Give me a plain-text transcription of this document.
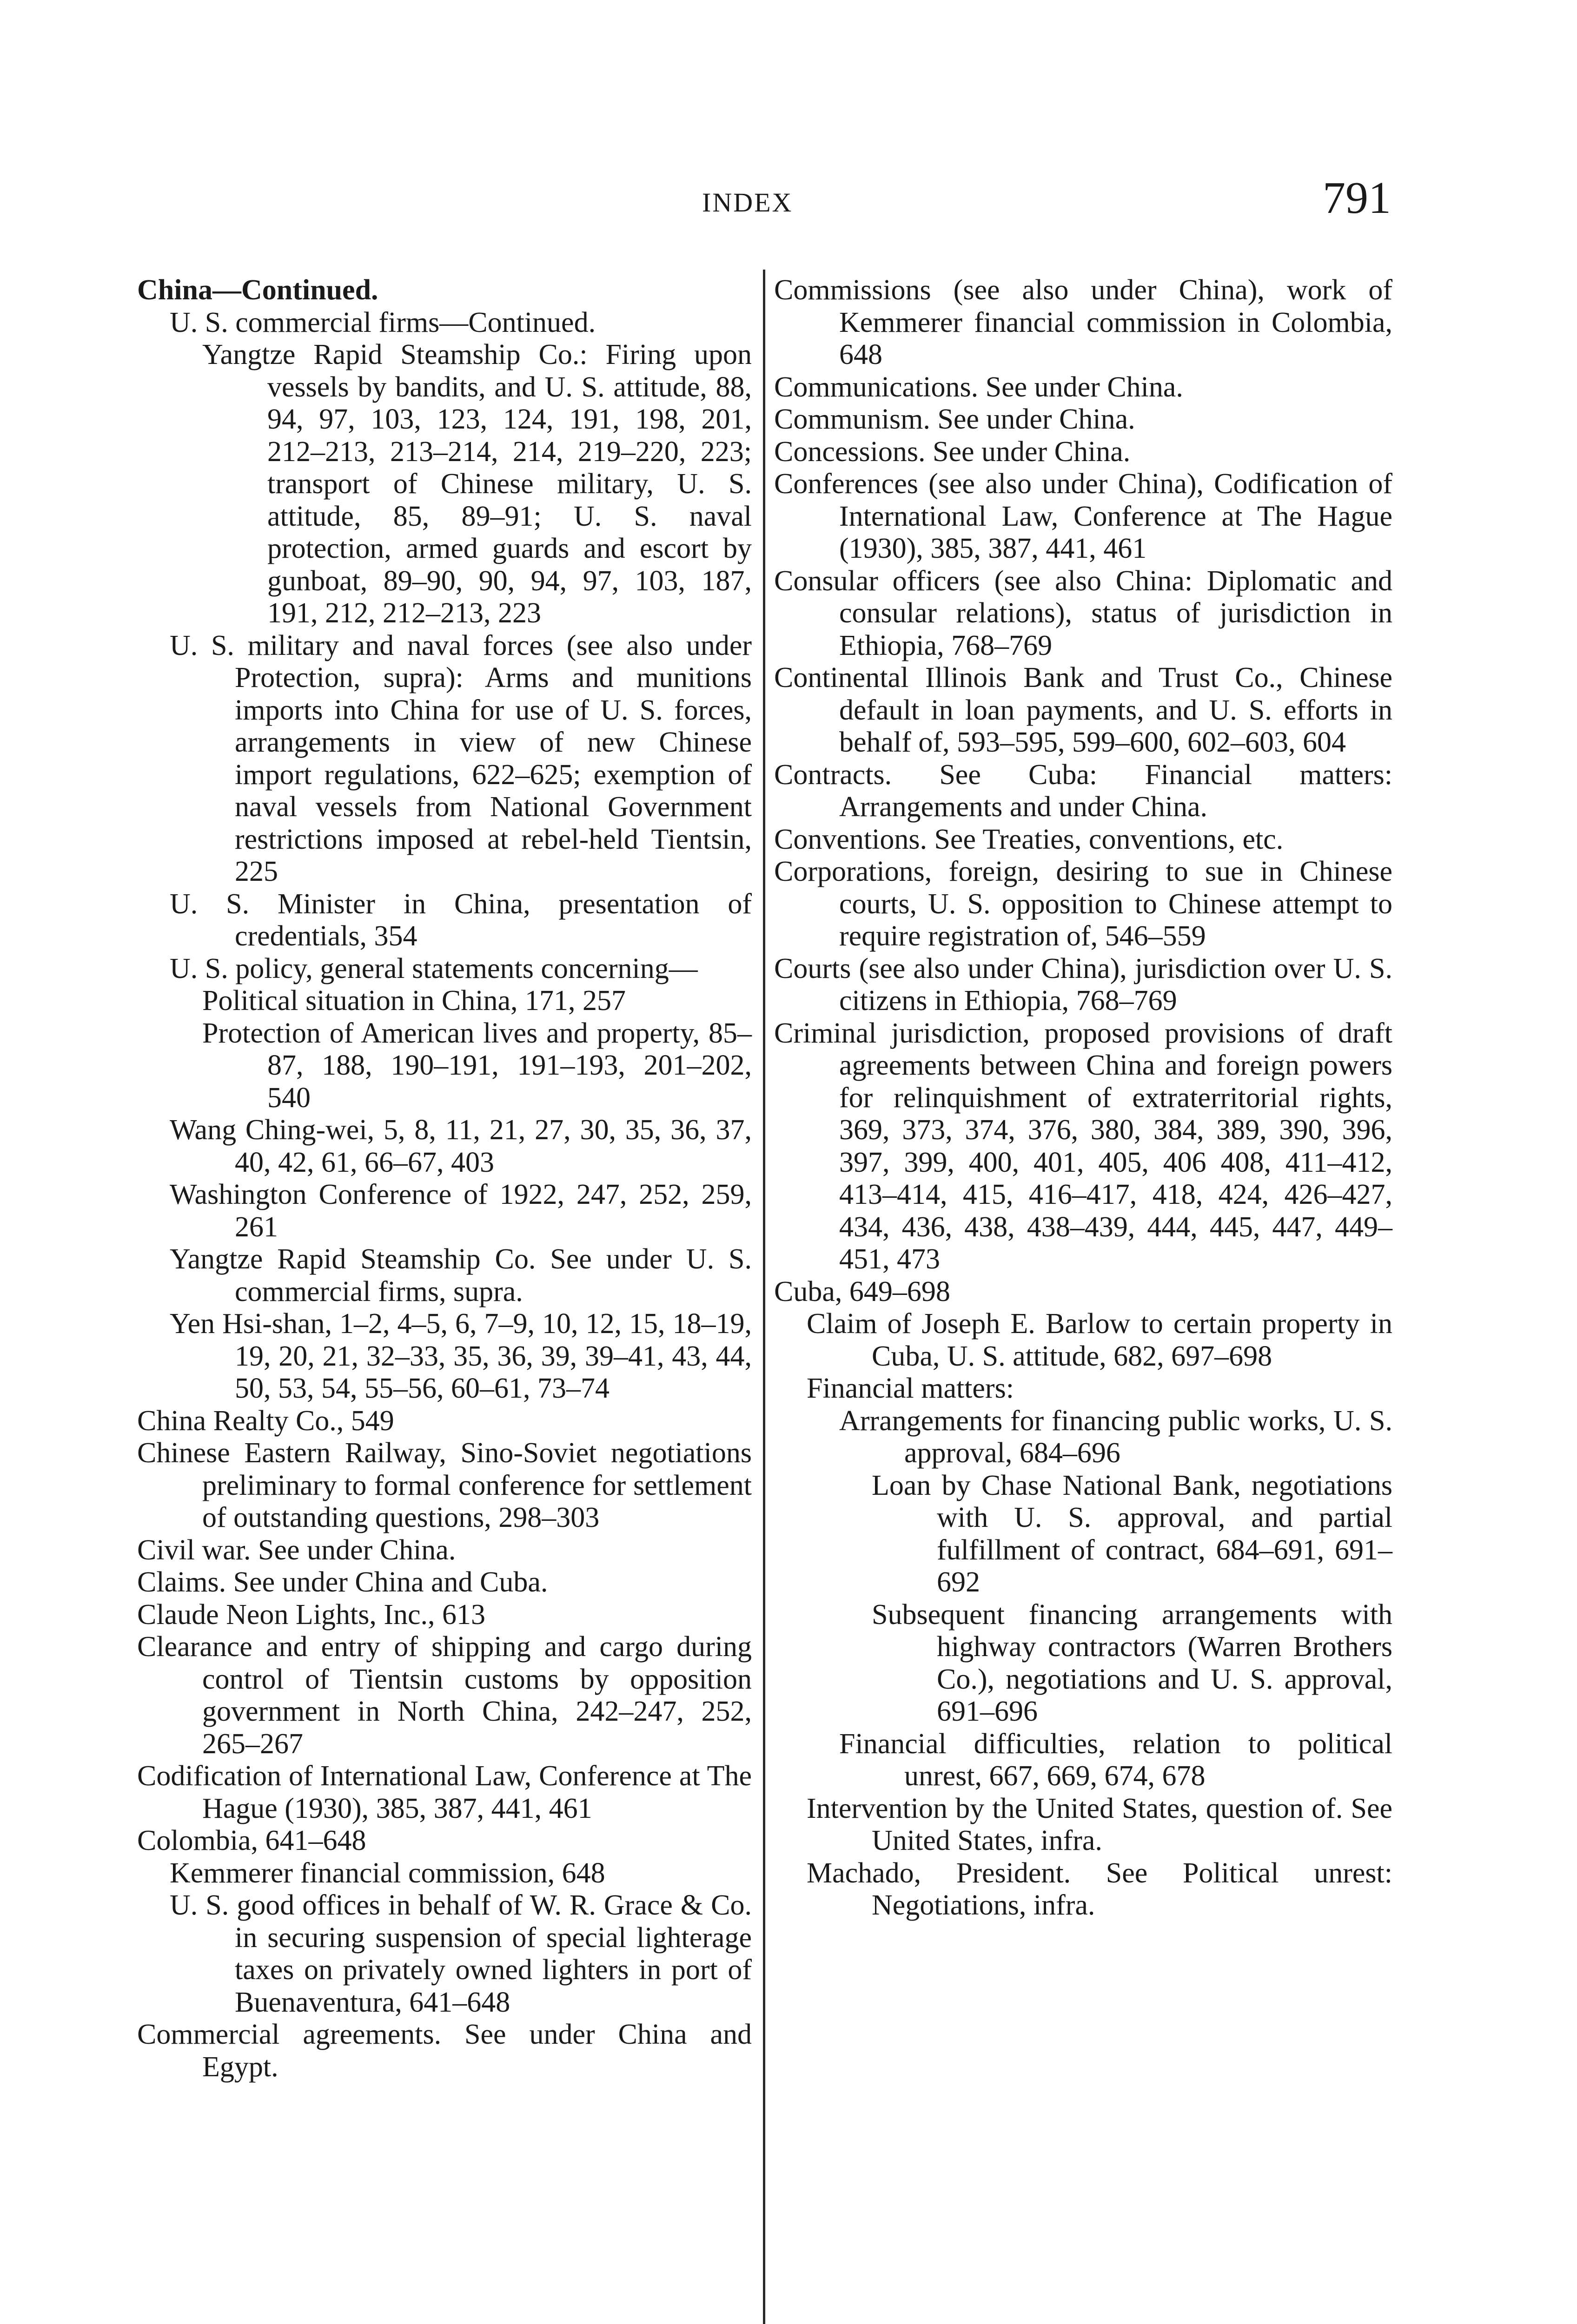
INDEX	791

China—Continued.

U. S. commercial firms—Continued.

Yangtze Rapid Steamship Co.: Firing upon vessels by bandits, and U. S. attitude, 88, 94, 97, 103, 123, 124, 191, 198, 201, 212–213, 213–214, 214, 219–220, 223; transport of Chinese military, U. S. attitude, 85, 89–91; U. S. naval protection, armed guards and escort by gunboat, 89–90, 90, 94, 97, 103, 187, 191, 212, 212–213, 223

U. S. military and naval forces (see also under Protection, supra): Arms and munitions imports into China for use of U. S. forces, arrangements in view of new Chinese import regulations, 622–625; exemption of naval vessels from National Government restrictions imposed at rebel-held Tientsin, 225

U. S. Minister in China, presentation of credentials, 354

U. S. policy, general statements concerning—

Political situation in China, 171, 257

Protection of American lives and property, 85–87, 188, 190–191, 191–193, 201–202, 540

Wang Ching-wei, 5, 8, 11, 21, 27, 30, 35, 36, 37, 40, 42, 61, 66–67, 403

Washington Conference of 1922, 247, 252, 259, 261

Yangtze Rapid Steamship Co. See under U. S. commercial firms, supra.

Yen Hsi-shan, 1–2, 4–5, 6, 7–9, 10, 12, 15, 18–19, 19, 20, 21, 32–33, 35, 36, 39, 39–41, 43, 44, 50, 53, 54, 55–56, 60–61, 73–74

China Realty Co., 549

Chinese Eastern Railway, Sino-Soviet negotiations preliminary to formal conference for settlement of outstanding questions, 298–303

Civil war. See under China.

Claims. See under China and Cuba.

Claude Neon Lights, Inc., 613

Clearance and entry of shipping and cargo during control of Tientsin customs by opposition government in North China, 242–247, 252, 265–267

Codification of International Law, Conference at The Hague (1930), 385, 387, 441, 461

Colombia, 641–648

Kemmerer financial commission, 648

U. S. good offices in behalf of W. R. Grace & Co. in securing suspension of special lighterage taxes on privately owned lighters in port of Buenaventura, 641–648

Commercial agreements. See under China and Egypt.

Commissions (see also under China), work of Kemmerer financial commission in Colombia, 648

Communications. See under China.

Communism. See under China.

Concessions. See under China.

Conferences (see also under China), Codification of International Law, Conference at The Hague (1930), 385, 387, 441, 461

Consular officers (see also China: Diplomatic and consular relations), status of jurisdiction in Ethiopia, 768–769

Continental Illinois Bank and Trust Co., Chinese default in loan payments, and U. S. efforts in behalf of, 593–595, 599–600, 602–603, 604

Contracts. See Cuba: Financial matters: Arrangements and under China.

Conventions. See Treaties, conventions, etc.

Corporations, foreign, desiring to sue in Chinese courts, U. S. opposition to Chinese attempt to require registration of, 546–559

Courts (see also under China), jurisdiction over U. S. citizens in Ethiopia, 768–769

Criminal jurisdiction, proposed provisions of draft agreements between China and foreign powers for relinquishment of extraterritorial rights, 369, 373, 374, 376, 380, 384, 389, 390, 396, 397, 399, 400, 401, 405, 406 408, 411–412, 413–414, 415, 416–417, 418, 424, 426–427, 434, 436, 438, 438–439, 444, 445, 447, 449–451, 473

Cuba, 649–698

Claim of Joseph E. Barlow to certain property in Cuba, U. S. attitude, 682, 697–698

Financial matters:

Arrangements for financing public works, U. S. approval, 684–696

Loan by Chase National Bank, negotiations with U. S. approval, and partial fulfillment of contract, 684–691, 691–692

Subsequent financing arrangements with highway contractors (Warren Brothers Co.), negotiations and U. S. approval, 691–696

Financial difficulties, relation to political unrest, 667, 669, 674, 678

Intervention by the United States, question of. See United States, infra.

Machado, President. See Political unrest: Negotiations, infra.
